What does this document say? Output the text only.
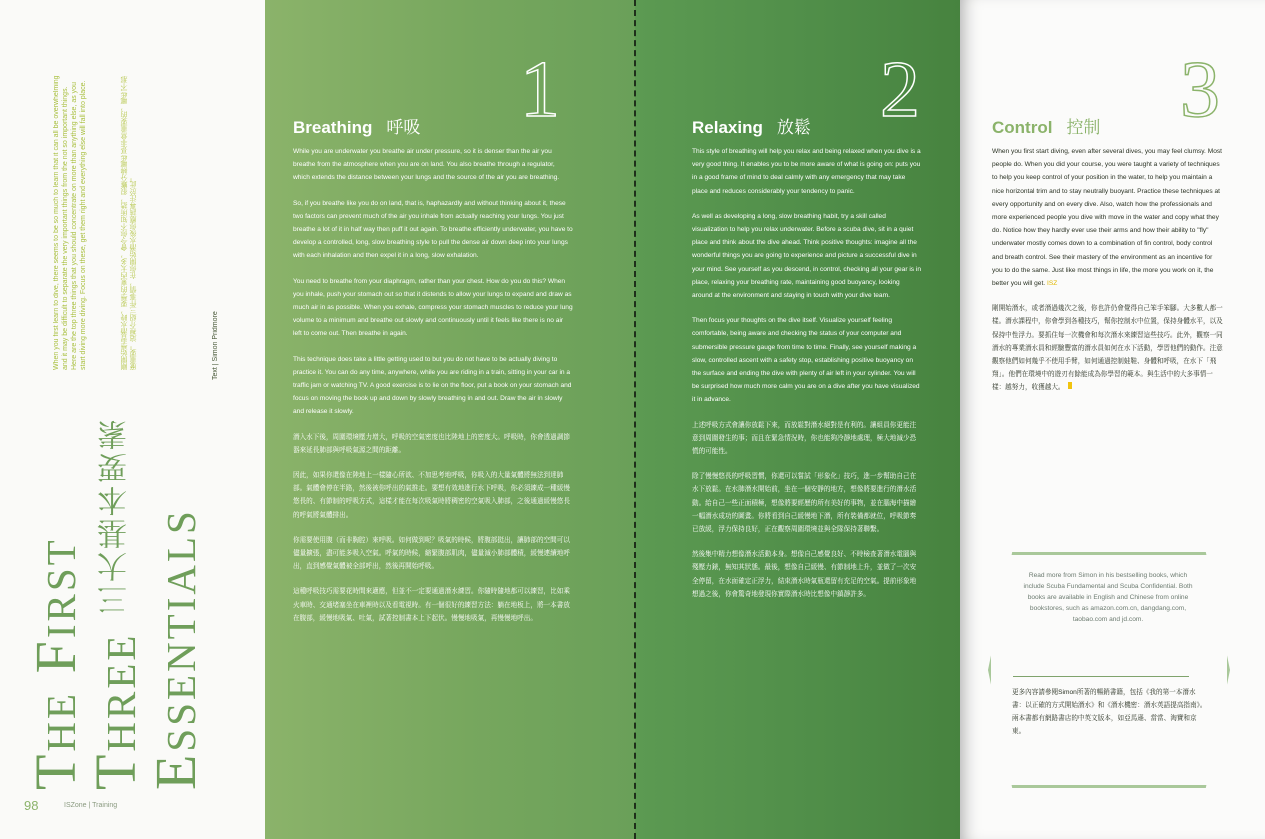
The First
Three 三大基本要素 Essentials
When you first learn to dive, there seems to be so much to learn that it can all be overwhelming and it may be difficult to separate the very important things from the not so important things. Here are the top three things that you should concentrate on more than anything else, as you start diving more diving. Focus on these, get them right and everything else will fall into place.	剛開始學習潛水時，要學的東西太多，會令你不知所措，很難分辨哪些是非常重要的，哪些不那麼重要。這裡介紹三件事情，在你開始潛水後你應該專注於此。	Text | Simon Pridmore
98	ISZone | Training
1	2	3
Breathing 呼吸	Relaxing 放鬆	Control 控制

While you are underwater you breathe air under pressure, so it is denser than the air you breathe from the atmosphere when you are on land. You also breathe through a regulator, which extends the distance between your lungs and the source of the air you are breathing.

So, if you breathe like you do on land, that is, haphazardly and without thinking about it, these two factors can prevent much of the air you inhale from actually reaching your lungs. You just breathe a lot of it in half way then puff it out again. To breathe efficiently underwater, you have to develop a controlled, long, slow breathing style to pull the dense air down deep into your lungs with each inhalation and then expel it in a long, slow exhalation.

You need to breathe from your diaphragm, rather than your chest. How do you do this? When you inhale, push your stomach out so that it distends to allow your lungs to expand and draw as much air in as possible. When you exhale, compress your stomach muscles to reduce your lung volume to a minimum and breathe out slowly and continuously until it feels like there is no air left to come out. Then breathe in again.

This technique does take a little getting used to but you do not have to be actually diving to practice it. You can do any time, anywhere, while you are riding in a train, sitting in your car in a traffic jam or watching TV. A good exercise is to lie on the floor, put a book on your stomach and focus on moving the book up and down by slowly breathing in and out. Draw the air in slowly and release it slowly.

潛入水下後，周圍環境壓力增大，呼吸的空氣密度也比陸地上的密度大。呼吸時，你會透過調節器來延長肺部與呼吸氣源之間的距離。

因此，如果你還像在陸地上一樣隨心所欲、不加思考地呼吸，你吸入的大量氣體將無法到達肺部。氣體會停在半路，然後被你呼出的氣推走。要想有效地進行水下呼吸，你必須練成一種緩慢悠長的、有節制的呼吸方式，這樣才能在每次吸氣時將稠密的空氣吸入肺部，之後通過緩慢悠長的呼氣將氣體排出。

你需要使用腹（而非胸腔）來呼吸。如何做到呢？吸氣的時候，將腹部挺出，讓肺部的空間可以儘量擴張，盡可能多吸入空氣。呼氣的時候，縮緊腹部肌肉，儘量減小肺部體積，緩慢連續地呼出，直到感覺氣體被全部呼出，然後再開始呼吸。

這種呼吸技巧需要花時間來適應，但並不一定要通過潛水練習。你隨時隨地都可以練習，比如乘火車時、交通堵塞坐在車裡時以及看電視時。有一個很好的練習方法：躺在地板上，將一本書放在腹部，緩慢地吸氣、吐氣，試著控制書本上下起伏。慢慢地吸氣，再慢慢地呼出。

This style of breathing will help you relax and being relaxed when you dive is a very good thing. It enables you to be more aware of what is going on: puts you in a good frame of mind to deal calmly with any emergency that may take place and reduces considerably your tendency to panic.

As well as developing a long, slow breathing habit, try a skill called visualization to help you relax underwater. Before a scuba dive, sit in a quiet place and think about the dive ahead. Think positive thoughts: imagine all the wonderful things you are going to experience and picture a successful dive in your mind. See yourself as you descend, in control, checking all your gear is in place, relaxing your breathing rate, maintaining good buoyancy, looking around at the environment and staying in touch with your dive team.

Then focus your thoughts on the dive itself. Visualize yourself feeling comfortable, being aware and checking the status of your computer and submersible pressure gauge from time to time. Finally, see yourself making a slow, controlled ascent with a safety stop, establishing positive buoyancy on the surface and ending the dive with plenty of air left in your cylinder. You will be surprised how much more calm you are on a dive after you have visualized it in advance.

上述呼吸方式會讓你放鬆下來，而放鬆對潛水絕對是有利的。讓組員你更能注意到周圍發生的事；而且在緊急情況時，你也能夠冷靜地處理，極大地減少恐慌的可能性。

除了慢慢悠長的呼吸習慣，你還可以嘗試「形象化」技巧，進一步幫助自己在水下放鬆。在水肺潛水開始前，坐在一個安靜的地方，想像將要進行的潛水活動。給自己一些正面積極，想像將要經歷的所有美好的事物，並在腦海中描繪一幅潛水成功的圖畫。你將看到自己緩慢地下潛，所有裝備都就位，呼吸節奏已放緩，浮力保持良好，正在觀察周圍環境並與全隊保持著聯繫。

然後集中精力想像潛水活動本身。想像自己感覺良好、不時檢查著潛水電腦與殘壓力錶，無知其狀態。最後，想像自己緩慢、有節制地上升，並做了一次安全停留，在水面確定正浮力，結束潛水時氣瓶還留有充足的空氣。提前形象地想過之後，你會驚奇地發現你實際潛水時比想像中鎮靜許多。

When you first start diving, even after several dives, you may feel clumsy. Most people do. When you did your course, you were taught a variety of techniques to help you keep control of your position in the water, to help you maintain a nice horizontal trim and to stay neutrally buoyant. Practice these techniques at every opportunity and on every dive. Also, watch how the professionals and more experienced people you dive with move in the water and copy what they do. Notice how they hardly ever use their arms and how their ability to "fly" underwater mostly comes down to a combination of fin control, body control and breath control. See their mastery of the environment as an incentive for you to do the same. Just like most things in life, the more you work on it, the better you will get. ISZ

剛開始潛水，或者潛過幾次之後，你也許仍會覺得自己笨手笨腳。大多數人都一樣。潛水課程中，你會學到各種技巧，幫你控制水中位置，保持身體水平，以及保持中性浮力。要抓住每一次機會和每次潛水來練習這些技巧。此外，觀察一同潛水的專業潛水員和經驗豐富的潛水員如何在水下活動，學習他們的動作。注意觀察他們如何幾乎不使用手臂，如何通過控制蛙鞋、身體和呼吸，在水下「飛翔」。他們在環境中的遊刃有餘能成為你學習的範本。與生活中的大多事情一樣：越努力，收獲越大。

Read more from Simon in his bestselling books, which include Scuba Fundamental and Scuba Confidential. Both books are available in English and Chinese from online bookstores, such as amazon.com.cn, dangdang.com, taobao.com and jd.com.
更多內容請參閱Simon所著的暢銷書籍，包括《我的第一本潛水書：以正確的方式開始潛水》和《潛水機密：潛水英語提高指南》。兩本書都有網路書店的中英文版本，如亞馬遜、當當、淘寶和京東。
